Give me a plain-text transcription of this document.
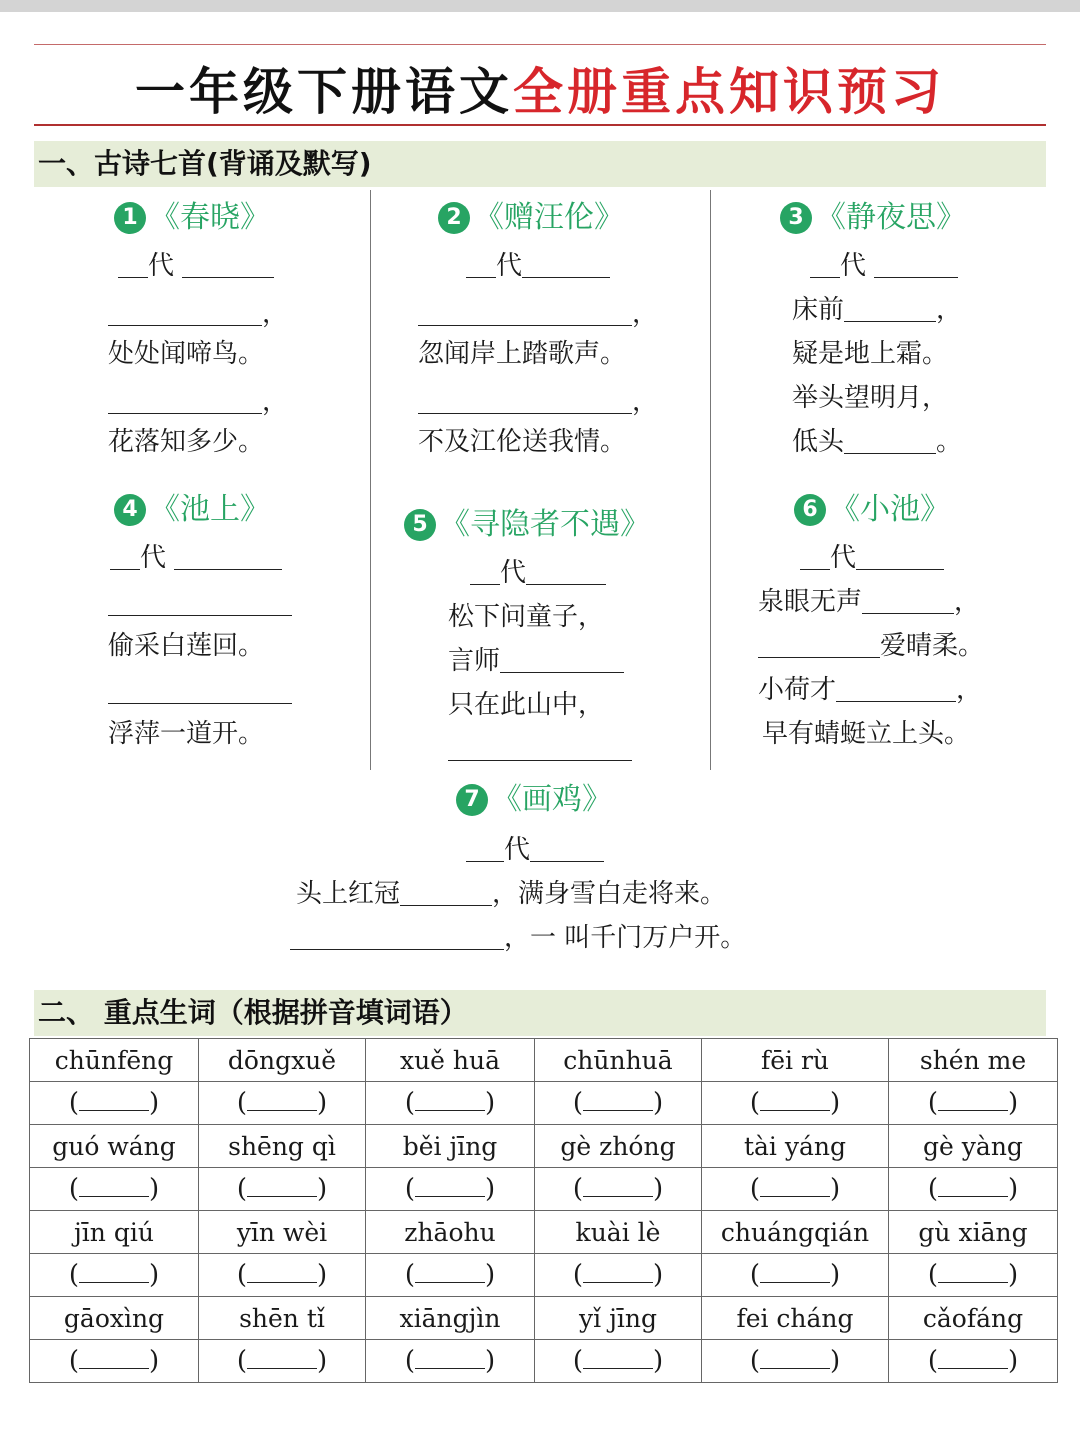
一年级下册语文全册重点知识预习
一、古诗七首(背诵及默写)
1 《春晓》
代
，
处处闻啼鸟。
，
花落知多少。
2 《赠汪伦》
代
，
忽闻岸上踏歌声。
，
不及江伦送我情。
3 《静夜思》
代
床前	，
疑是地上霜。
举头望明月，
低头	。
4 《池上》
代
偷采白莲回。
浮萍一道开。
5 《寻隐者不遇》
代
松下问童子，
言师
只在此山中，
6 《小池》
代
泉眼无声	，
爱晴柔。
小荷才	，
早有蜻蜓立上头。
7 《画鸡》
代
头上红冠	，满身雪白走将来。
，一 叫千门万户开。
二、 重点生词（根据拼音填词语）
chūnfēng	dōngxuě	xuě huā	chūnhuā	fēi rù	shén me
( )	( )	( )	( )	( )	( )
guó wáng	shēng qì	běi jīng	gè zhóng	tài yáng	gè yàng
( )	( )	( )	( )	( )	( )
jīn qiú	yīn wèi	zhāohu	kuài lè	chuángqián	gù xiāng
( )	( )	( )	( )	( )	( )
gāoxìng	shēn tǐ	xiāngjìn	yǐ jīng	fei cháng	cǎofáng
( )	( )	( )	( )	( )	( )
